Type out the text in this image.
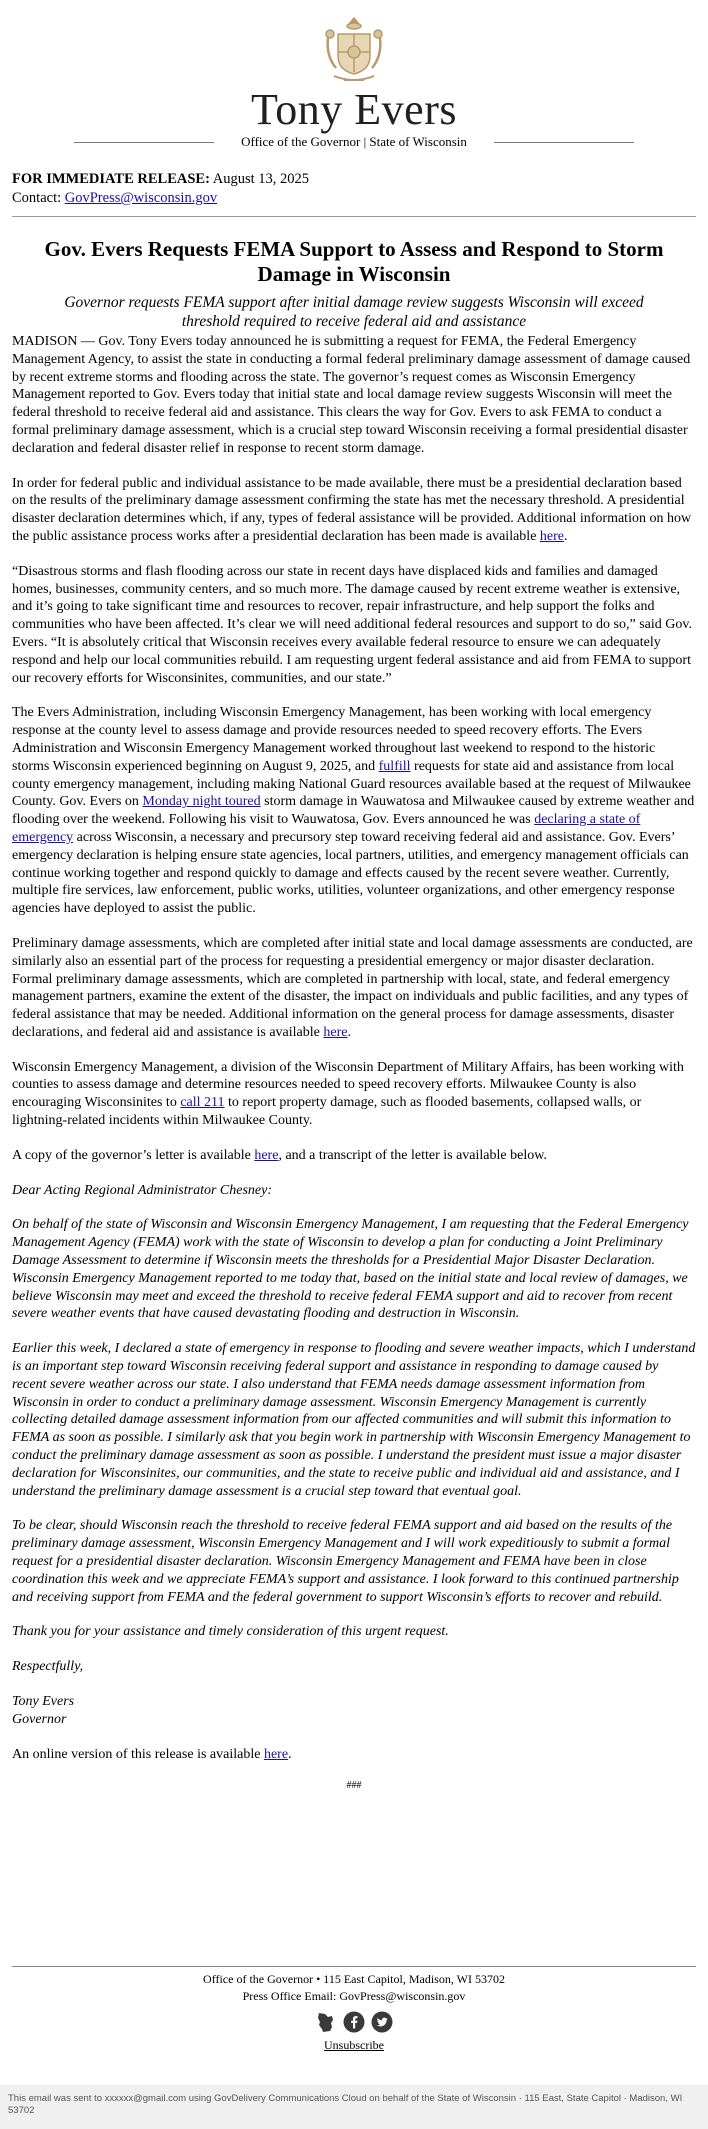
Tony Evers
Office of the Governor | State of Wisconsin
FOR IMMEDIATE RELEASE: August 13, 2025
Contact: GovPress@wisconsin.gov
Gov. Evers Requests FEMA Support to Assess and Respond to Storm Damage in Wisconsin
Governor requests FEMA support after initial damage review suggests Wisconsin will exceed threshold required to receive federal aid and assistance

MADISON — Gov. Tony Evers today announced he is submitting a request for FEMA, the Federal Emergency Management Agency, to assist the state in conducting a formal federal preliminary damage assessment of damage caused by recent extreme storms and flooding across the state. The governor’s request comes as Wisconsin Emergency Management reported to Gov. Evers today that initial state and local damage review suggests Wisconsin will meet the federal threshold to receive federal aid and assistance. This clears the way for Gov. Evers to ask FEMA to conduct a formal preliminary damage assessment, which is a crucial step toward Wisconsin receiving a formal presidential disaster declaration and federal disaster relief in response to recent storm damage.

In order for federal public and individual assistance to be made available, there must be a presidential declaration based on the results of the preliminary damage assessment confirming the state has met the necessary threshold. A presidential disaster declaration determines which, if any, types of federal assistance will be provided. Additional information on how the public assistance process works after a presidential declaration has been made is available here.

“Disastrous storms and flash flooding across our state in recent days have displaced kids and families and damaged homes, businesses, community centers, and so much more. The damage caused by recent extreme weather is extensive, and it’s going to take significant time and resources to recover, repair infrastructure, and help support the folks and communities who have been affected. It’s clear we will need additional federal resources and support to do so,” said Gov. Evers. “It is absolutely critical that Wisconsin receives every available federal resource to ensure we can adequately respond and help our local communities rebuild. I am requesting urgent federal assistance and aid from FEMA to support our recovery efforts for Wisconsinites, communities, and our state.”

The Evers Administration, including Wisconsin Emergency Management, has been working with local emergency response at the county level to assess damage and provide resources needed to speed recovery efforts. The Evers Administration and Wisconsin Emergency Management worked throughout last weekend to respond to the historic storms Wisconsin experienced beginning on August 9, 2025, and fulfill requests for state aid and assistance from local county emergency management, including making National Guard resources available based at the request of Milwaukee County. Gov. Evers on Monday night toured storm damage in Wauwatosa and Milwaukee caused by extreme weather and flooding over the weekend. Following his visit to Wauwatosa, Gov. Evers announced he was declaring a state of emergency across Wisconsin, a necessary and precursory step toward receiving federal aid and assistance. Gov. Evers’ emergency declaration is helping ensure state agencies, local partners, utilities, and emergency management officials can continue working together and respond quickly to damage and effects caused by the recent severe weather. Currently, multiple fire services, law enforcement, public works, utilities, volunteer organizations, and other emergency response agencies have deployed to assist the public.

Preliminary damage assessments, which are completed after initial state and local damage assessments are conducted, are similarly also an essential part of the process for requesting a presidential emergency or major disaster declaration. Formal preliminary damage assessments, which are completed in partnership with local, state, and federal emergency management partners, examine the extent of the disaster, the impact on individuals and public facilities, and any types of federal assistance that may be needed. Additional information on the general process for damage assessments, disaster declarations, and federal aid and assistance is available here.

Wisconsin Emergency Management, a division of the Wisconsin Department of Military Affairs, has been working with counties to assess damage and determine resources needed to speed recovery efforts. Milwaukee County is also encouraging Wisconsinites to call 211 to report property damage, such as flooded basements, collapsed walls, or lightning-related incidents within Milwaukee County.

A copy of the governor’s letter is available here, and a transcript of the letter is available below.

Dear Acting Regional Administrator Chesney:

On behalf of the state of Wisconsin and Wisconsin Emergency Management, I am requesting that the Federal Emergency Management Agency (FEMA) work with the state of Wisconsin to develop a plan for conducting a Joint Preliminary Damage Assessment to determine if Wisconsin meets the thresholds for a Presidential Major Disaster Declaration. Wisconsin Emergency Management reported to me today that, based on the initial state and local review of damages, we believe Wisconsin may meet and exceed the threshold to receive federal FEMA support and aid to recover from recent severe weather events that have caused devastating flooding and destruction in Wisconsin.

Earlier this week, I declared a state of emergency in response to flooding and severe weather impacts, which I understand is an important step toward Wisconsin receiving federal support and assistance in responding to damage caused by recent severe weather across our state. I also understand that FEMA needs damage assessment information from Wisconsin in order to conduct a preliminary damage assessment. Wisconsin Emergency Management is currently collecting detailed damage assessment information from our affected communities and will submit this information to FEMA as soon as possible. I similarly ask that you begin work in partnership with Wisconsin Emergency Management to conduct the preliminary damage assessment as soon as possible. I understand the president must issue a major disaster declaration for Wisconsinites, our communities, and the state to receive public and individual aid and assistance, and I understand the preliminary damage assessment is a crucial step toward that eventual goal.

To be clear, should Wisconsin reach the threshold to receive federal FEMA support and aid based on the results of the preliminary damage assessment, Wisconsin Emergency Management and I will work expeditiously to submit a formal request for a presidential disaster declaration. Wisconsin Emergency Management and FEMA have been in close coordination this week and we appreciate FEMA’s support and assistance. I look forward to this continued partnership and receiving support from FEMA and the federal government to support Wisconsin’s efforts to recover and rebuild.

Thank you for your assistance and timely consideration of this urgent request.

Respectfully,

Tony Evers
Governor

An online version of this release is available here.

###
Office of the Governor • 115 East Capitol, Madison, WI 53702
Press Office Email: GovPress@wisconsin.gov
Unsubscribe
This email was sent to xxxxxx@gmail.com using GovDelivery Communications Cloud on behalf of the State of Wisconsin · 115 East, State Capitol · Madison, WI 53702
